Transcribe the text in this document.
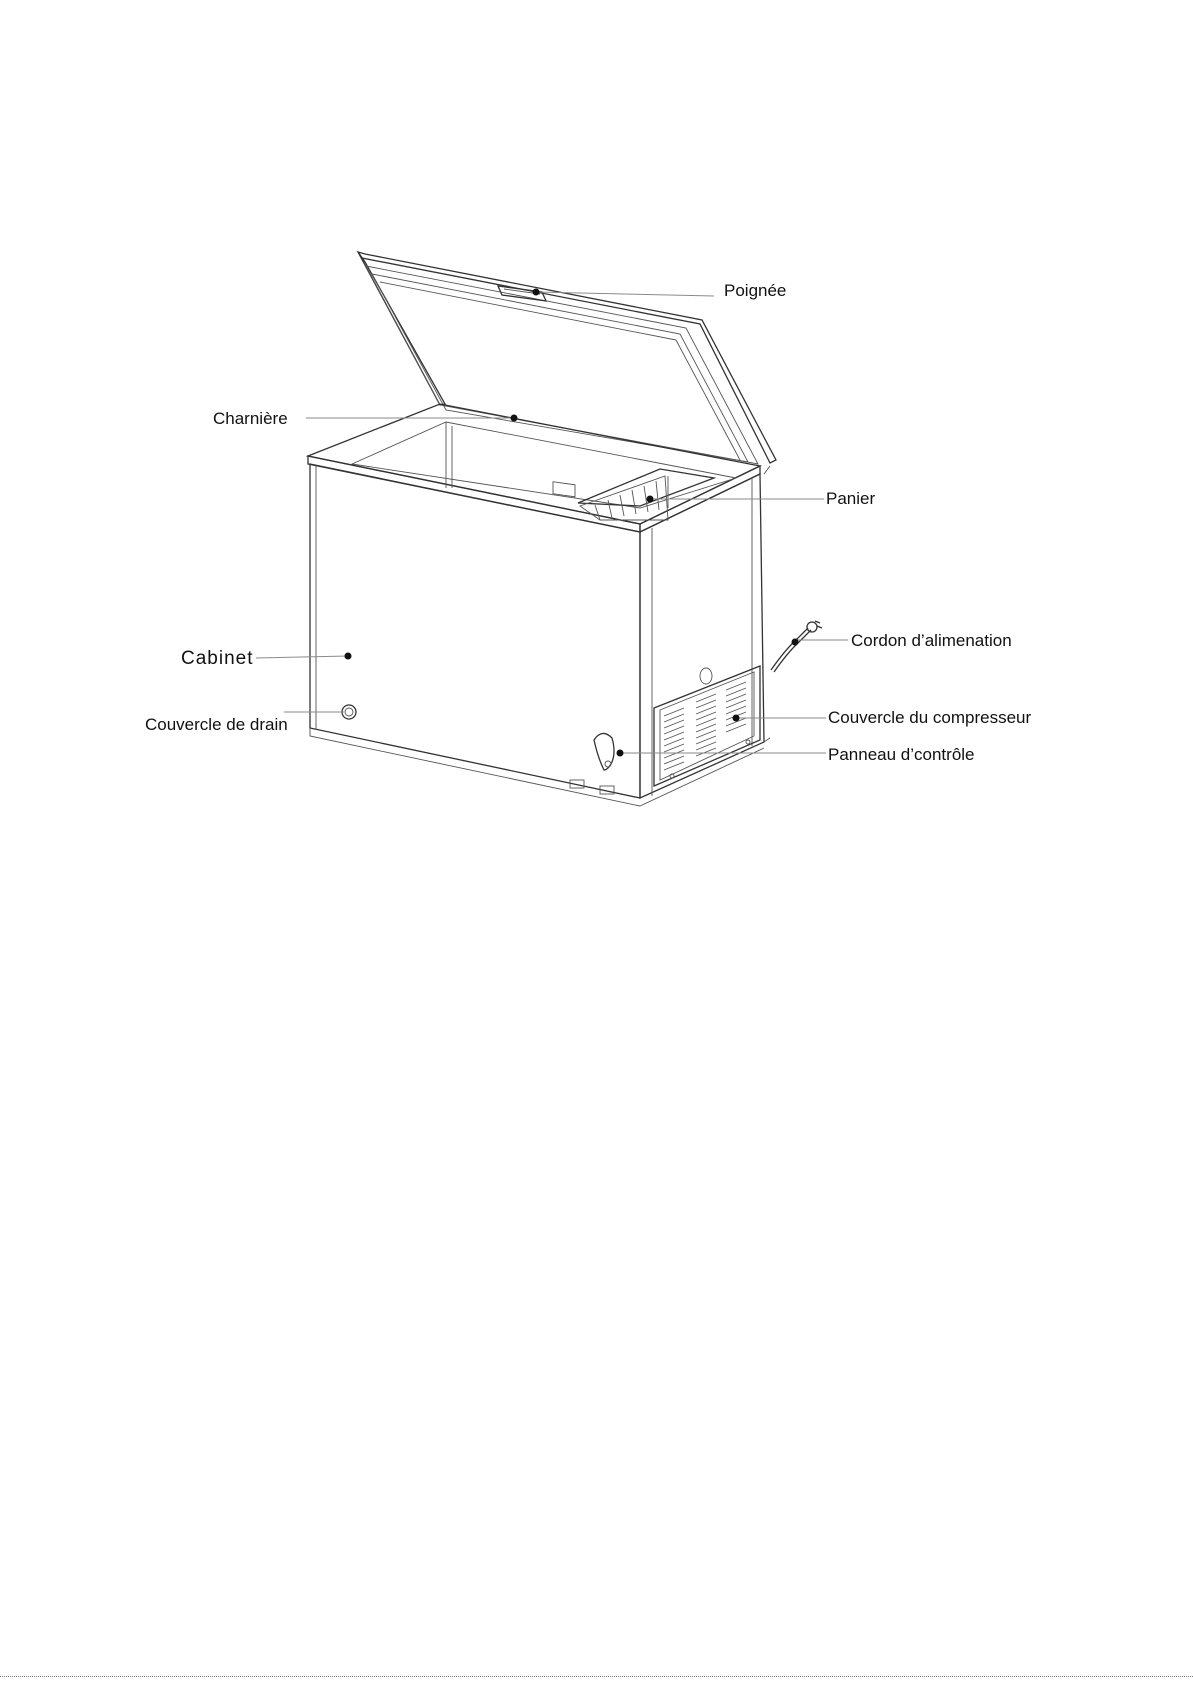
Poignée
Charnière
Panier
Cordon d’alimenation
Cabinet
Couvercle de drain	Couvercle du compresseur
Panneau d’contrôle
